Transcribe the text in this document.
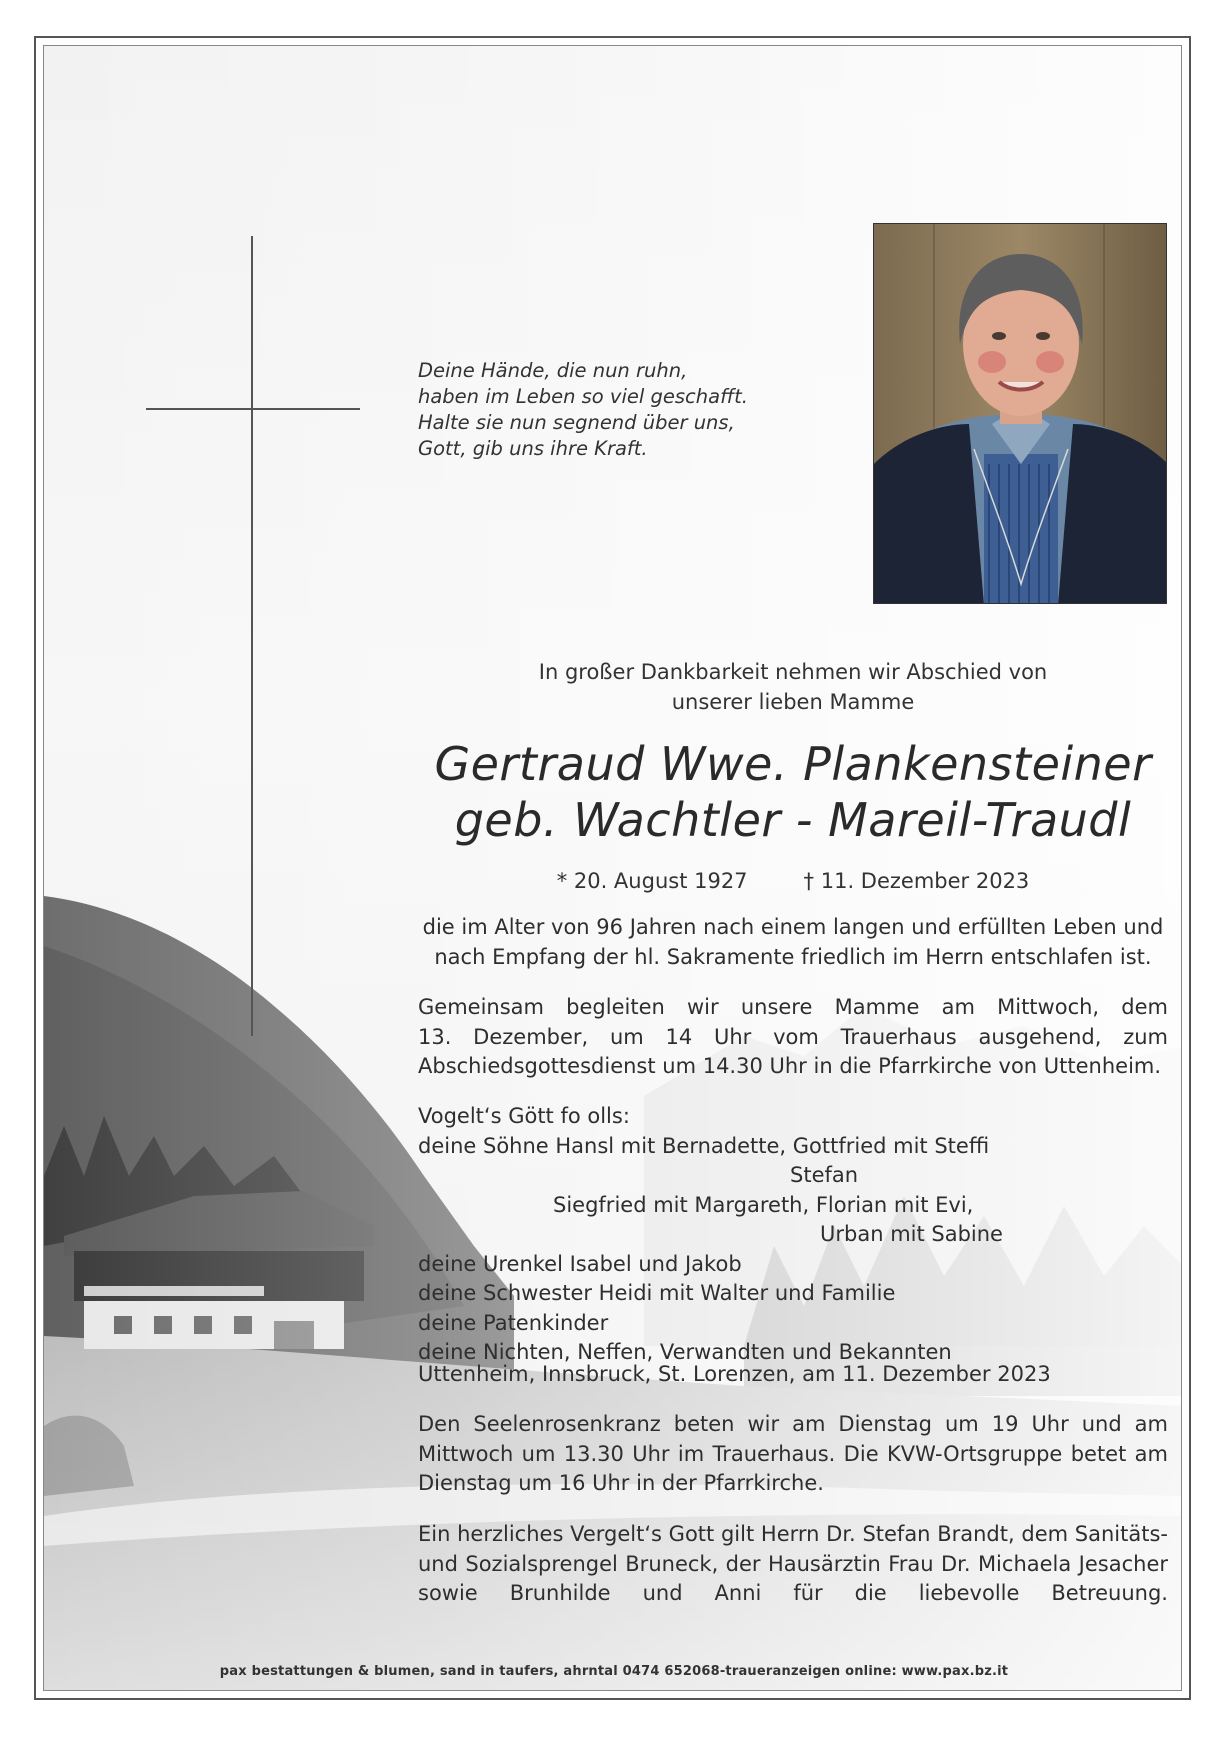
Deine Hände, die nun ruhn,
haben im Leben so viel geschafft.
Halte sie nun segnend über uns,
Gott, gib uns ihre Kraft.
In großer Dankbarkeit nehmen wir Abschied von
unserer lieben Mamme
Gertraud Wwe. Plankensteiner
geb. Wachtler - Mareil-Traudl
* 20. August 1927	† 11. Dezember 2023
die im Alter von 96 Jahren nach einem langen und erfüllten Leben und
nach Empfang der hl. Sakramente friedlich im Herrn entschlafen ist.
Gemeinsam begleiten wir unsere Mamme am Mittwoch, dem
13. Dezember, um 14 Uhr vom Trauerhaus ausgehend, zum
Abschiedsgottesdienst um 14.30 Uhr in die Pfarrkirche von Uttenheim.
Vogelt‘s Gött fo olls:
deine Söhne Hansl mit Bernadette, Gottfried mit Steffi
Stefan
Siegfried mit Margareth, Florian mit Evi,
Urban mit Sabine
deine Urenkel Isabel und Jakob
deine Schwester Heidi mit Walter und Familie
deine Patenkinder
deine Nichten, Neffen, Verwandten und Bekannten
Uttenheim, Innsbruck, St. Lorenzen, am 11. Dezember 2023
Den Seelenrosenkranz beten wir am Dienstag um 19 Uhr und am
Mittwoch um 13.30 Uhr im Trauerhaus. Die KVW-Ortsgruppe betet am
Dienstag um 16 Uhr in der Pfarrkirche.
Ein herzliches Vergelt‘s Gott gilt Herrn Dr. Stefan Brandt, dem Sanitäts-
und Sozialsprengel Bruneck, der Hausärztin Frau Dr. Michaela Jesacher
sowie Brunhilde und Anni für die liebevolle Betreuung.
pax bestattungen & blumen, sand in taufers, ahrntal 0474 652068-traueranzeigen online: www.pax.bz.it
